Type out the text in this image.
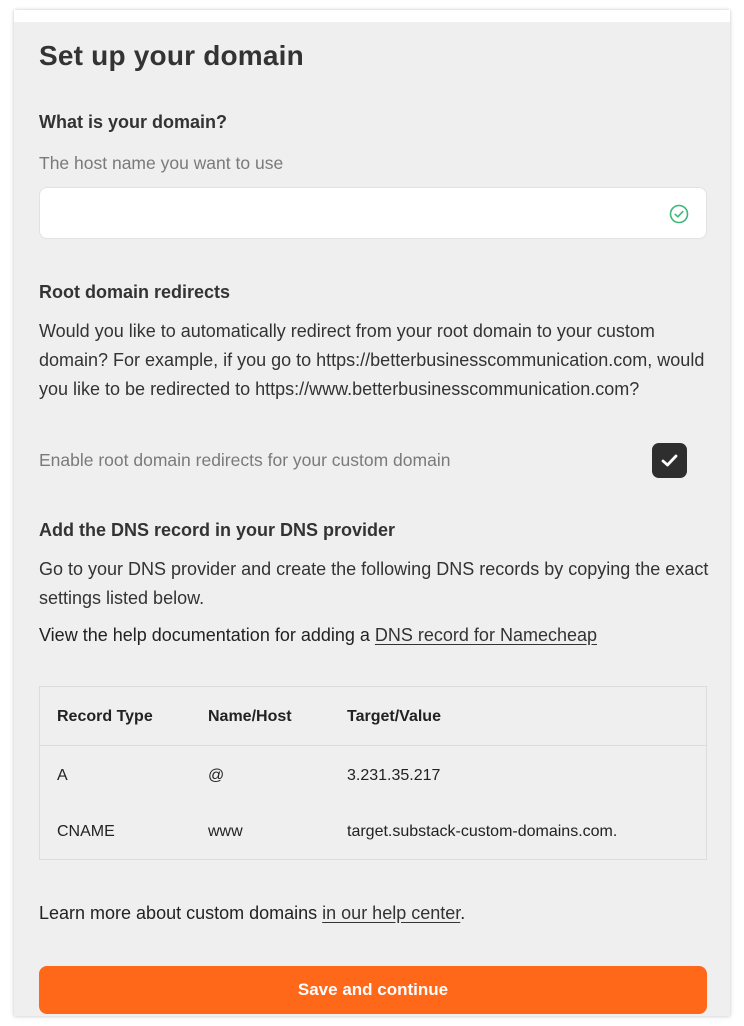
Set up your domain
What is your domain?
The host name you want to use
Root domain redirects
Would you like to automatically redirect from your root domain to your custom domain? For example, if you go to https://betterbusinesscommunication.com, would you like to be redirected to https://www.betterbusinesscommunication.com?
Enable root domain redirects for your custom domain
Add the DNS record in your DNS provider
Go to your DNS provider and create the following DNS records by copying the exact settings listed below.
View the help documentation for adding a DNS record for Namecheap
Record Type	Name/Host	Target/Value
A	@	3.231.35.217
CNAME	www	target.substack-custom-domains.com.
Learn more about custom domains in our help center.
Save and continue
